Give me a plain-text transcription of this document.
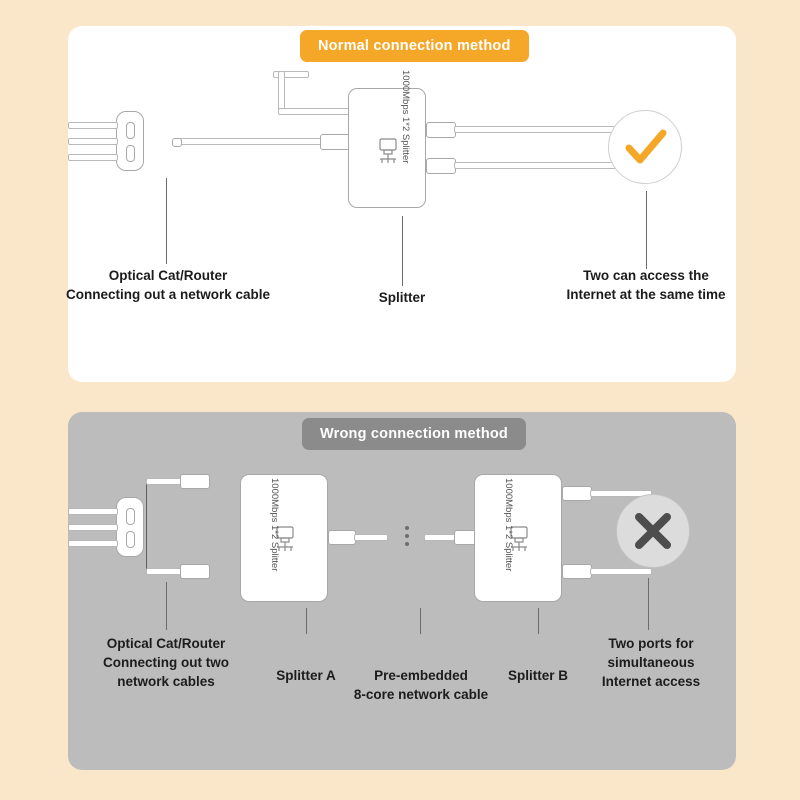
1000Mbps 1*2 Splitter
Optical Cat/Router
Connecting out a network cable	Splitter
Two can access the
Internet at the same time
Normal connection method
1000Mbps 1*2 Splitter	1000Mbps 1*2 Splitter
Optical Cat/Router
Connecting out two
network cables	Splitter A	Pre-embedded
8-core network cable
Splitter B
Two ports for
simultaneous
Internet access
Wrong connection method
